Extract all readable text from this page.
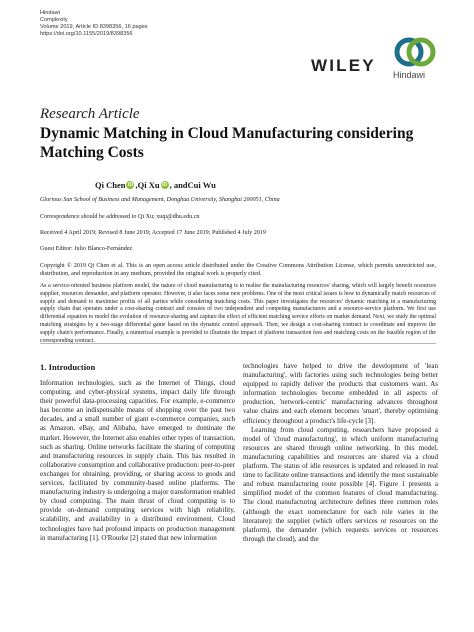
Hindawi
Complexity
Volume 2019, Article ID 8398356, 16 pages
https://doi.org/10.1155/2019/8398356
WILEY Hindawi
Research Article
Dynamic Matching in Cloud Manufacturing considering Matching Costs
Qi Chen iD , Qi Xu iD , and Cui Wu
Glorious Sun School of Business and Management, Donghua University, Shanghai 200051, China
Correspondence should be addressed to Qi Xu; xuqi@dhu.edu.cn
Received 4 April 2019; Revised 8 June 2019; Accepted 17 June 2019; Published 4 July 2019
Guest Editor: Julio Blanco-Fernández

Copyright © 2019 Qi Chen et al. This is an open access article distributed under the Creative Commons Attribution License, which permits unrestricted use, distribution, and reproduction in any medium, provided the original work is properly cited.

As a service-oriented business platform model, the nature of cloud manufacturing is to realise the manufacturing resources' sharing, which will largely benefit resources supplier, resources demander, and platform operator. However, it also faces some new problems. One of the most critical issues is how to dynamically match resources of supply and demand to maximise profits of all parties while considering matching costs. This paper investigates the resources' dynamic matching in a manufacturing supply chain that operates under a cost-sharing contract and consists of two independent and competing manufacturers and a resource-service platform. We first use differential equation to model the evolution of resource-sharing and capture the effect of efficient matching service efforts on market demand. Next, we study the optimal matching strategies by a two-stage differential game based on the dynamic control approach. Then, we design a cost-sharing contract to coordinate and improve the supply chain's performance. Finally, a numerical example is provided to illustrate the impact of platform transaction fees and matching costs on the feasible region of the corresponding contract.

1. Introduction

Information technologies, such as the Internet of Things, cloud computing, and cyber-physical systems, impact daily life through their powerful data-processing capacities. For example, e-commerce has become an indispensable means of shopping over the past two decades, and a small number of giant e-commerce companies, such as Amazon, eBay, and Alibaba, have emerged to dominate the market. However, the Internet also enables other types of transaction, such as sharing. Online networks facilitate the sharing of computing and manufacturing resources in supply chain. This has resulted in collaborative consumption and collaborative production: peer-to-peer exchanges for obtaining, providing, or sharing access to goods and services, facilitated by community-based online platforms. The manufacturing industry is undergoing a major transformation enabled by cloud computing. The main thrust of cloud computing is to provide on-demand computing services with high reliability, scalability, and availability in a distributed environment. Cloud technologies have had profound impacts on production management in manufacturing [1]. O'Rourke [2] stated that new information

technologies have helped to drive the development of 'lean manufacturing', with factories using such technologies being better equipped to rapidly deliver the products that customers want. As information technologies become embedded in all aspects of production, 'network-centric' manufacturing advances throughout value chains and each element becomes 'smart', thereby optimising efficiency throughout a product's life-cycle [3].

Learning from cloud computing, researchers have proposed a model of 'cloud manufacturing', in which uniform manufacturing resources are shared through online networking. In this model, manufacturing capabilities and resources are shared via a cloud platform. The status of idle resources is updated and released in real time to facilitate online transactions and identify the most sustainable and robust manufacturing route possible [4]. Figure 1 presents a simplified model of the common features of cloud manufacturing. The cloud manufacturing architecture defines three common roles (although the exact nomenclature for each role varies in the literature): the supplier (which offers services or resources on the platform), the demander (which requests services or resources through the cloud), and the
